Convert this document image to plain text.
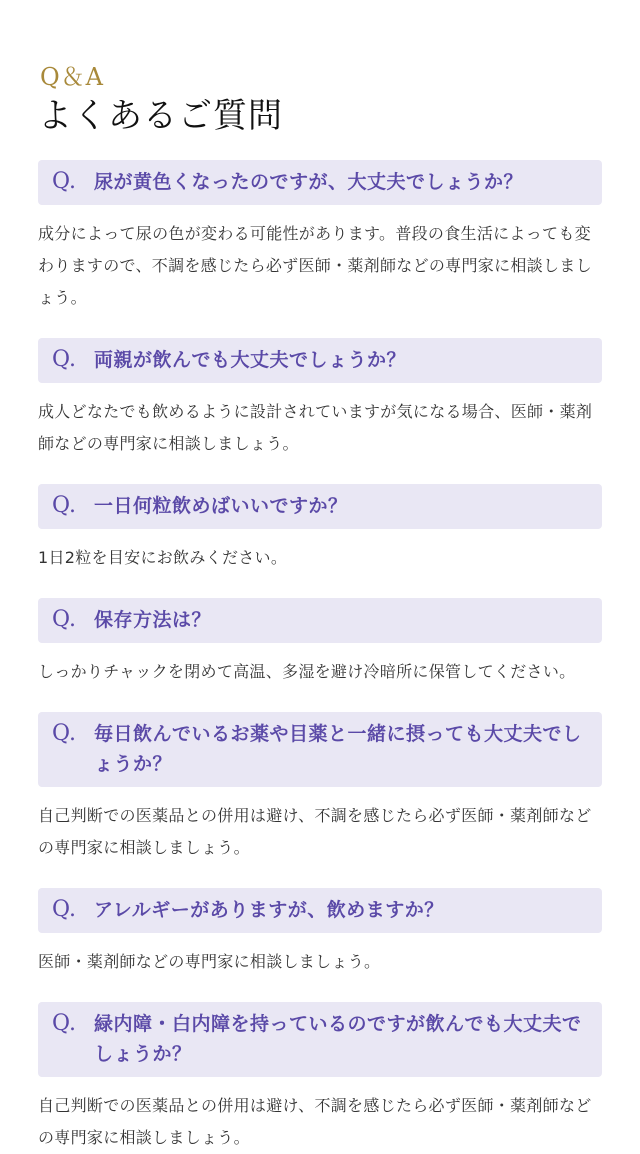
Q＆A
よくあるご質問
Q. 尿が黄色くなったのですが、大丈夫でしょうか？
成分によって尿の色が変わる可能性があります。普段の食生活によっても変わりますので、不調を感じたら必ず医師・薬剤師などの専門家に相談しましょう。
Q. 両親が飲んでも大丈夫でしょうか？
成人どなたでも飲めるように設計されていますが気になる場合、医師・薬剤師などの専門家に相談しましょう。
Q. 一日何粒飲めばいいですか？
1日2粒を目安にお飲みください。
Q. 保存方法は？
しっかりチャックを閉めて高温、多湿を避け冷暗所に保管してください。
Q. 毎日飲んでいるお薬や目薬と一緒に摂っても大丈夫でしょうか？
自己判断での医薬品との併用は避け、不調を感じたら必ず医師・薬剤師などの専門家に相談しましょう。
Q. アレルギーがありますが、飲めますか？
医師・薬剤師などの専門家に相談しましょう。
Q. 緑内障・白内障を持っているのですが飲んでも大丈夫でしょうか？
自己判断での医薬品との併用は避け、不調を感じたら必ず医師・薬剤師などの専門家に相談しましょう。
